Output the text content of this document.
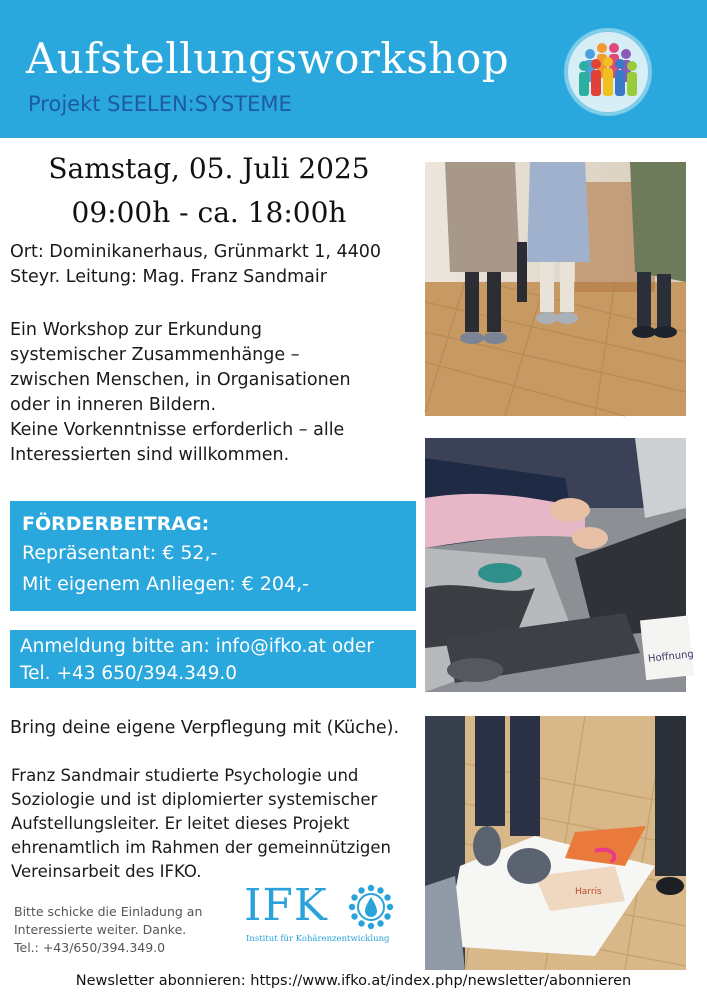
Aufstellungsworkshop
Projekt SEELEN:SYSTEME
Samstag, 05. Juli 2025
09:00h - ca. 18:00h
Ort: Dominikanerhaus, Grünmarkt 1, 4400
Steyr. Leitung: Mag. Franz Sandmair
Ein Workshop zur Erkundung
systemischer Zusammenhänge –
zwischen Menschen, in Organisationen
oder in inneren Bildern.
Keine Vorkenntnisse erforderlich – alle
Interessierten sind willkommen.
FÖRDERBEITRAG:
Repräsentant: € 52,-
Mit eigenem Anliegen: € 204,-
Anmeldung bitte an: info@ifko.at oder
Tel. +43 650/394.349.0
Bring deine eigene Verpflegung mit (Küche).
Franz Sandmair studierte Psychologie und
Soziologie und ist diplomierter systemischer
Aufstellungsleiter. Er leitet dieses Projekt
ehrenamtlich im Rahmen der gemeinnützigen
Vereinsarbeit des IFKO.
Bitte schicke die Einladung an
Interessierte weiter. Danke.
Tel.: +43/650/394.349.0
IFK
Institut für Kohärenzentwicklung
Hoffnung
Harris
Newsletter abonnieren: https://www.ifko.at/index.php/newsletter/abonnieren
